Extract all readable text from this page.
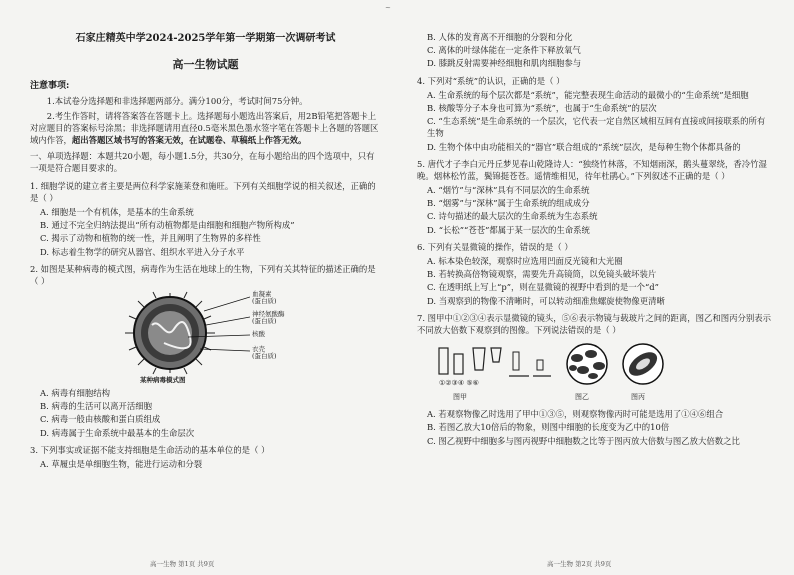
~
石家庄精英中学2024-2025学年第一学期第一次调研考试
高一生物试题
注意事项:
1.本试卷分选择题和非选择题两部分。满分100分，考试时间75分钟。
2.考生作答时，请将答案答在答题卡上。选择题每小题选出答案后，用2B铅笔把答题卡上对应题目的答案标号涂黑；非选择题请用直径0.5毫米黑色墨水签字笔在答题卡上各题的答题区域内作答，超出答题区域书写的答案无效，在试题卷、草稿纸上作答无效。
一、单项选择题：本题共20小题，每小题1.5分，共30分，在每小题给出的四个选项中，只有一项是符合题目要求的。
1. 细胞学说的建立者主要是两位科学家施莱登和施旺。下列有关细胞学说的相关叙述，正确的是（ ）
A. 细胞是一个有机体，是基本的生命系统
B. 通过不完全归纳法提出“所有动植物都是由细胞和细胞产物所构成”
C. 揭示了动物和植物的统一性，并且阐明了生物界的多样性
D. 标志着生物学的研究从器官、组织水平进入分子水平
2. 如图是某种病毒的模式图，病毒作为生活在地球上的生物，下列有关其特征的描述正确的是（ ）
血凝素
(蛋白质)
神经氨酸酶
(蛋白质)
核酸
衣壳
(蛋白质)
某种病毒模式图
A. 病毒有细胞结构
B. 病毒的生活可以离开活细胞
C. 病毒一般由核酸和蛋白质组成
D. 病毒属于生命系统中最基本的生命层次
3. 下列事实或证据不能支持细胞是生命活动的基本单位的是（ ）
A. 草履虫是单细胞生物，能进行运动和分裂
高一生物 第1页 共9页
B. 人体的发育离不开细胞的分裂和分化
C. 离体的叶绿体能在一定条件下释放氧气
D. 膝跳反射需要神经细胞和肌肉细胞参与
4. 下列对“系统”的认识，正确的是（ ）
A. 生命系统的每个层次都是“系统”，能完整表现生命活动的最微小的“生命系统”是细胞
B. 核酸等分子本身也可算为“系统”，也属于“生命系统”的层次
C. “生态系统”是生命系统的一个层次，它代表一定自然区域相互间有直接或间接联系的所有生物
D. 生物个体中由功能相关的“器官”联合组成的“系统”层次，是每种生物个体都具备的
5. 唐代才子李白元丹丘梦见春山乾隆诗人：“独绕竹林落，不知烟雨深，鹅头蔓翠绕，香冷竹湿晚。烟林松竹蓝，鬓锦挺苍苍。遥情维相见，待年杜鹃心。”下列叙述不正确的是（ ）
A. “烟竹”与“深林”具有不同层次的生命系统
B. “烟雾”与“深林”属于生命系统的组成成分
C. 诗句描述的最大层次的生命系统为生态系统
D. “长松”“苍苍”都属于某一层次的生命系统
6. 下列有关显微镜的操作，错误的是（ ）
A. 标本染色较深，观察时应选用凹面反光镜和大光圈
B. 若转换高倍物镜观察，需要先升高镜筒，以免镜头破坏装片
C. 在透明纸上写上“p”，则在显微镜的视野中看到的是一个“d”
D. 当观察到的物像不清晰时，可以转动细准焦螺旋使物像更清晰
7. 图甲中①②③④表示显微镜的镜头，⑤⑥表示物镜与载玻片之间的距离，图乙和图丙分别表示不同放大倍数下观察到的图像。下列说法错误的是（ ）
①②③④ ⑤⑥
图甲	图乙	图丙
A. 若观察物像乙时选用了甲中①③⑤，则观察物像丙时可能是选用了①④⑥组合
B. 若图乙放大10倍后的物象，则图中细胞的长度变为乙中的10倍
C. 图乙视野中细胞多与图丙视野中细胞数之比等于图丙放大倍数与图乙放大倍数之比
高一生物 第2页 共9页
